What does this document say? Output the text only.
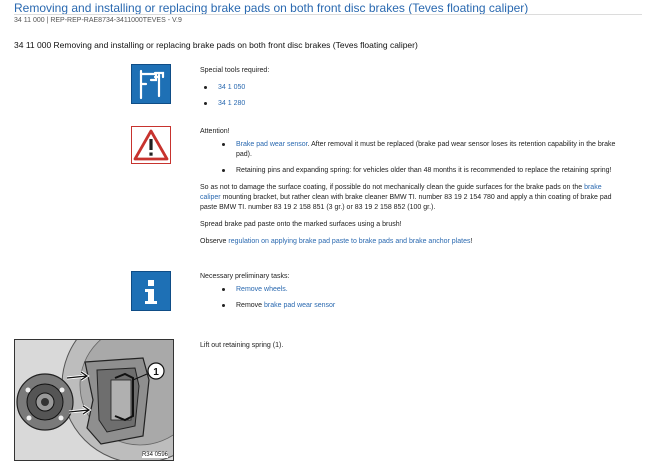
Removing and installing or replacing brake pads on both front disc brakes (Teves floating caliper)
34 11 000 | REP-REP-RAE8734-3411000TEVES - V.9
34 11 000 Removing and installing or replacing brake pads on both front disc brakes (Teves floating caliper)
Special tools required:
34 1 050
34 1 280
Attention!
Brake pad wear sensor. After removal it must be replaced (brake pad wear sensor loses its retention capability in the brake pad).
Retaining pins and expanding spring: for vehicles older than 48 months it is recommended to replace the retaining spring!

So as not to damage the surface coating, if possible do not mechanically clean the guide surfaces for the brake pads on the brake caliper mounting bracket, but rather clean with brake cleaner BMW TI. number 83 19 2 154 780 and apply a thin coating of brake pad paste BMW TI. number 83 19 2 158 851 (3 gr.) or 83 19 2 158 852 (100 gr.).

Spread brake pad paste onto the marked surfaces using a brush!

Observe regulation on applying brake pad paste to brake pads and brake anchor plates!

Necessary preliminary tasks:
Remove wheels.
Remove brake pad wear sensor
1
R34 0596
Lift out retaining spring (1).
